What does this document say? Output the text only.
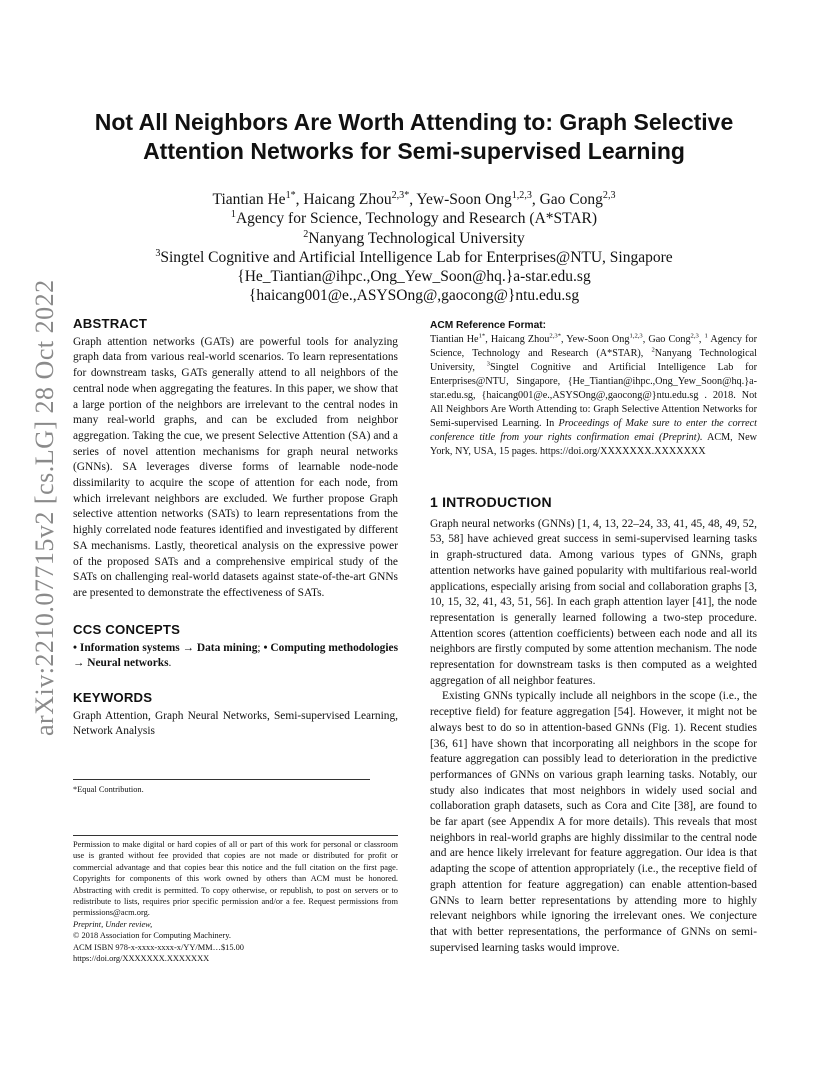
arXiv:2210.07715v2 [cs.LG] 28 Oct 2022
Not All Neighbors Are Worth Attending to: Graph Selective
Attention Networks for Semi-supervised Learning
Tiantian $He^{1*}$, Haicang Zhou$^{2,3*}$, Yew-Soon Ong$^{1,2,3}$, Gao Cong$^{2,3}$
$^1$Agency for Science, Technology and Research (A*STAR)
$^2$Nanyang Technological University
$^3$Singtel Cognitive and Artificial Intelligence Lab for Enterprises@NTU, Singapore
{He_Tiantian@ihpc.,Ong_Yew_Soon@hq.}a-star.edu.sg
{haicang001@e.,ASYSOng@,gaocong@}ntu.edu.sg
ABSTRACT
Graph attention networks (GATs) are powerful tools for analyzing graph data from various real-world scenarios. To learn representations for downstream tasks, GATs generally attend to all neighbors of the central node when aggregating the features. In this paper, we show that a large portion of the neighbors are irrelevant to the central nodes in many real-world graphs, and can be excluded from neighbor aggregation. Taking the cue, we present Selective Attention (SA) and a series of novel attention mechanisms for graph neural networks (GNNs). SA leverages diverse forms of learnable node-node dissimilarity to acquire the scope of attention for each node, from which irrelevant neighbors are excluded. We further propose Graph selective attention networks (SATs) to learn representations from the highly correlated node features identified and investigated by different SA mechanisms. Lastly, theoretical analysis on the expressive power of the proposed SATs and a comprehensive empirical study of the SATs on challenging real-world datasets against state-of-the-art GNNs are presented to demonstrate the effectiveness of SATs.
CCS CONCEPTS
• Information systems → Data mining; • Computing methodologies → Neural networks.
KEYWORDS
Graph Attention, Graph Neural Networks, Semi-supervised Learning, Network Analysis
*Equal Contribution.
Permission to make digital or hard copies of all or part of this work for personal or classroom use is granted without fee provided that copies are not made or distributed for profit or commercial advantage and that copies bear this notice and the full citation on the first page. Copyrights for components of this work owned by others than ACM must be honored. Abstracting with credit is permitted. To copy otherwise, or republish, to post on servers or to redistribute to lists, requires prior specific permission and/or a fee. Request permissions from permissions@acm.org.
Preprint, Under review,
© 2018 Association for Computing Machinery.
ACM ISBN 978-x-xxxx-xxxx-x/YY/MM…$15.00
https://doi.org/XXXXXXX.XXXXXXX
ACM Reference Format:
Tiantian $He^{1*}$, Haicang Zhou$^{2,3*}$, Yew-Soon Ong$^{1,2,3}$, Gao Cong$^{2,3}$, $^1$ Agency for Science, Technology and Research (A*STAR), $^2$Nanyang Technological University, $^3$Singtel Cognitive and Artificial Intelligence Lab for Enterprises@NTU, Singapore, {He_Tiantian@ihpc.,Ong_Yew_Soon@hq.}a-star.edu.sg, {haicang001@e.,ASYSOng@,gaocong@}ntu.edu.sg . 2018. Not All Neighbors Are Worth Attending to: Graph Selective Attention Networks for Semi-supervised Learning. In Proceedings of Make sure to enter the correct conference title from your rights confirmation emai (Preprint). ACM, New York, NY, USA, 15 pages. https://doi.org/XXXXXXX.XXXXXXX
1 INTRODUCTION
Graph neural networks (GNNs) [1, 4, 13, 22–24, 33, 41, 45, 48, 49, 52, 53, 58] have achieved great success in semi-supervised learning tasks in graph-structured data. Among various types of GNNs, graph attention networks have gained popularity with multifarious real-world applications, especially arising from social and collaboration graphs [3, 10, 15, 32, 41, 43, 51, 56]. In each graph attention layer [41], the node representation is generally learned following a two-step procedure. Attention scores (attention coefficients) between each node and all its neighbors are firstly computed by some attention mechanism. The node representation for downstream tasks is then computed as a weighted aggregation of all neighbor features.
Existing GNNs typically include all neighbors in the scope (i.e., the receptive field) for feature aggregation [54]. However, it might not be always best to do so in attention-based GNNs (Fig. 1). Recent studies [36, 61] have shown that incorporating all neighbors in the scope for feature aggregation can possibly lead to deterioration in the predictive performances of GNNs on various graph learning tasks. Notably, our study also indicates that most neighbors in widely used social and collaboration graph datasets, such as Cora and Cite [38], are found to be far apart (see Appendix A for more details). This reveals that most neighbors in real-world graphs are highly dissimilar to the central node and are hence likely irrelevant for feature aggregation. Our idea is that adapting the scope of attention appropriately (i.e., the receptive field of graph attention for feature aggregation) can enable attention-based GNNs to learn better representations by attending more to highly relevant neighbors while ignoring the irrelevant ones. We conjecture that with better representations, the performance of GNNs on semi-supervised learning tasks would improve.
